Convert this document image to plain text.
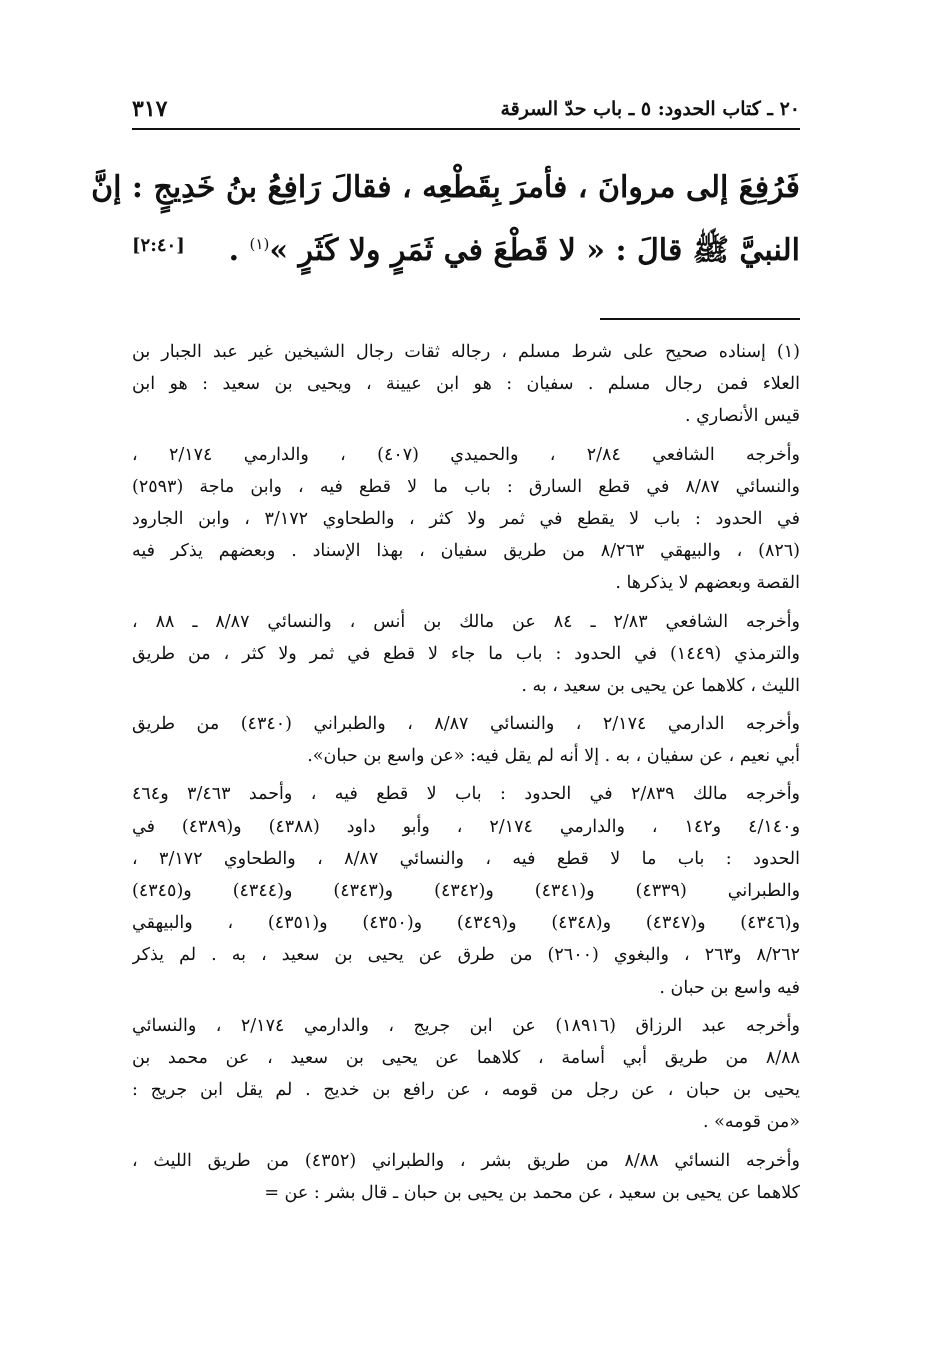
٢٠ ـ كتاب الحدود: ٥ ـ باب حدّ السرقة
٣١٧
فَرُفِعَ إلى مروانَ ، فأمرَ بِقَطْعِه ، فقالَ رَافِعُ بنُ خَدِيجٍ : إنَّ
النبيَّ ﷺ قالَ : « لا قَطْعَ في ثَمَرٍ ولا كَثَرٍ »$^{(١)}$ .
[٢:٤٠]
(١) إسناده صحيح على شرط مسلم ، رجاله ثقات رجال الشيخين غير عبد الجبار بن
العلاء فمن رجال مسلم . سفيان : هو ابن عيينة ، ويحيى بن سعيد : هو ابن
قيس الأنصاري .
وأخرجه الشافعي ٢/٨٤ ، والحميدي (٤٠٧) ، والدارمي ٢/١٧٤ ،
والنسائي ٨/٨٧ في قطع السارق : باب ما لا قطع فيه ، وابن ماجة (٢٥٩٣)
في الحدود : باب لا يقطع في ثمر ولا كثر ، والطحاوي ٣/١٧٢ ، وابن الجارود
(٨٢٦) ، والبيهقي ٨/٢٦٣ من طريق سفيان ، بهذا الإسناد . وبعضهم يذكر فيه
القصة وبعضهم لا يذكرها .
وأخرجه الشافعي ٢/٨٣ ـ ٨٤ عن مالك بن أنس ، والنسائي ٨/٨٧ ـ ٨٨ ،
والترمذي (١٤٤٩) في الحدود : باب ما جاء لا قطع في ثمر ولا كثر ، من طريق
الليث ، كلاهما عن يحيى بن سعيد ، به .
وأخرجه الدارمي ٢/١٧٤ ، والنسائي ٨/٨٧ ، والطبراني (٤٣٤٠) من طريق
أبي نعيم ، عن سفيان ، به . إلا أنه لم يقل فيه: «عن واسع بن حبان».
وأخرجه مالك ٢/٨٣٩ في الحدود : باب لا قطع فيه ، وأحمد ٣/٤٦٣ و٤٦٤
و٤/١٤٠ و١٤٢ ، والدارمي ٢/١٧٤ ، وأبو داود (٤٣٨٨) و(٤٣٨٩) في
الحدود : باب ما لا قطع فيه ، والنسائي ٨/٨٧ ، والطحاوي ٣/١٧٢ ،
والطبراني (٤٣٣٩) و(٤٣٤١) و(٤٣٤٢) و(٤٣٤٣) و(٤٣٤٤) و(٤٣٤٥)
و(٤٣٤٦) و(٤٣٤٧) و(٤٣٤٨) و(٤٣٤٩) و(٤٣٥٠) و(٤٣٥١) ، والبيهقي
٨/٢٦٢ و٢٦٣ ، والبغوي (٢٦٠٠) من طرق عن يحيى بن سعيد ، به . لم يذكر
فيه واسع بن حبان .
وأخرجه عبد الرزاق (١٨٩١٦) عن ابن جريج ، والدارمي ٢/١٧٤ ، والنسائي
٨/٨٨ من طريق أبي أسامة ، كلاهما عن يحيى بن سعيد ، عن محمد بن
يحيى بن حبان ، عن رجل من قومه ، عن رافع بن خديج . لم يقل ابن جريج :
«من قومه» .
وأخرجه النسائي ٨/٨٨ من طريق بشر ، والطبراني (٤٣٥٢) من طريق الليث ،
كلاهما عن يحيى بن سعيد ، عن محمد بن يحيى بن حبان ـ قال بشر : عن =
